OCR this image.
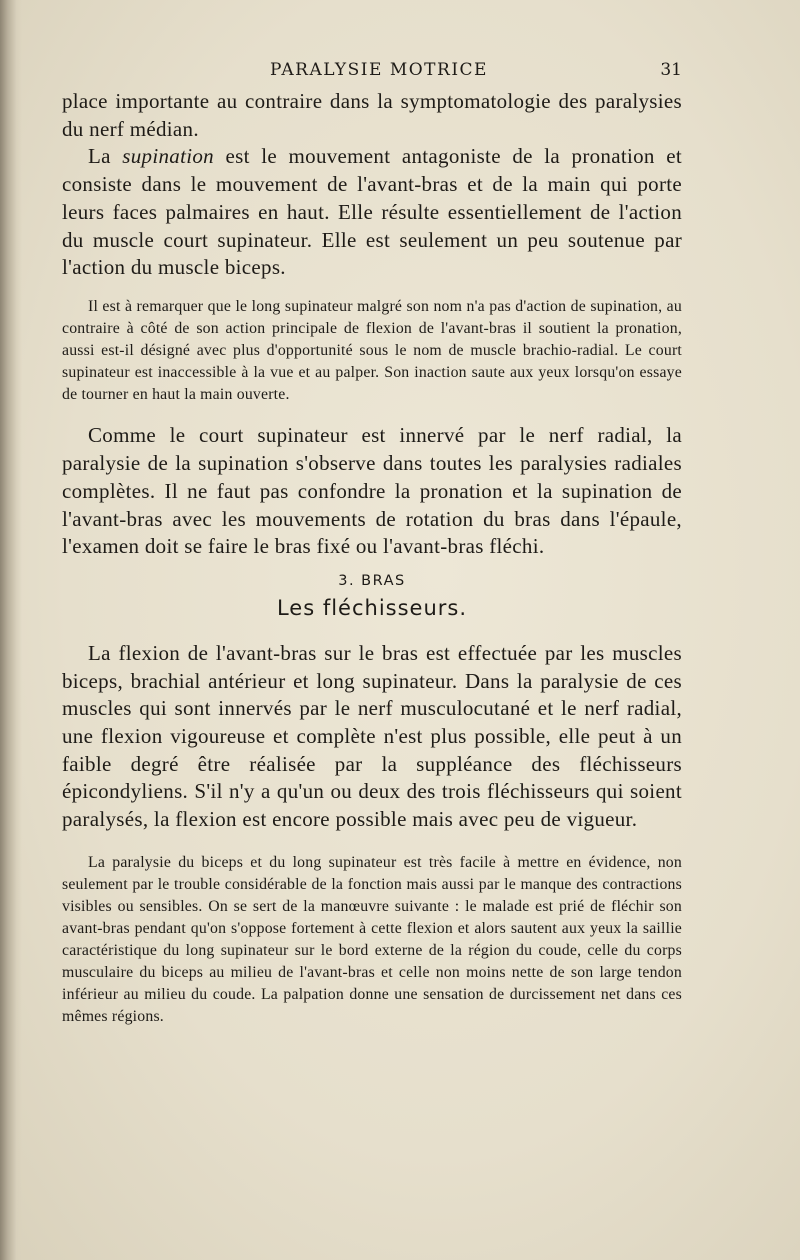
PARALYSIE MOTRICE	31

place importante au contraire dans la symptomatologie des paralysies du nerf médian.

La supination est le mouvement antagoniste de la pronation et consiste dans le mouvement de l'avant-bras et de la main qui porte leurs faces palmaires en haut. Elle résulte essentiellement de l'action du muscle court supinateur. Elle est seulement un peu soutenue par l'action du muscle biceps.

Il est à remarquer que le long supinateur malgré son nom n'a pas d'action de supination, au contraire à côté de son action principale de flexion de l'avant-bras il soutient la pronation, aussi est-il désigné avec plus d'opportunité sous le nom de muscle brachio-radial. Le court supinateur est inaccessible à la vue et au palper. Son inaction saute aux yeux lorsqu'on essaye de tourner en haut la main ouverte.

Comme le court supinateur est innervé par le nerf radial, la paralysie de la supination s'observe dans toutes les paralysies radiales complètes. Il ne faut pas confondre la pronation et la supination de l'avant-bras avec les mouvements de rotation du bras dans l'épaule, l'examen doit se faire le bras fixé ou l'avant-bras fléchi.

3. BRAS
Les fléchisseurs.

La flexion de l'avant-bras sur le bras est effectuée par les muscles biceps, brachial antérieur et long supinateur. Dans la paralysie de ces muscles qui sont innervés par le nerf musculocutané et le nerf radial, une flexion vigoureuse et complète n'est plus possible, elle peut à un faible degré être réalisée par la suppléance des fléchisseurs épicondyliens. S'il n'y a qu'un ou deux des trois fléchisseurs qui soient paralysés, la flexion est encore possible mais avec peu de vigueur.

La paralysie du biceps et du long supinateur est très facile à mettre en évidence, non seulement par le trouble considérable de la fonction mais aussi par le manque des contractions visibles ou sensibles. On se sert de la manœuvre suivante : le malade est prié de fléchir son avant-bras pendant qu'on s'oppose fortement à cette flexion et alors sautent aux yeux la saillie caractéristique du long supinateur sur le bord externe de la région du coude, celle du corps musculaire du biceps au milieu de l'avant-bras et celle non moins nette de son large tendon inférieur au milieu du coude. La palpation donne une sensation de durcissement net dans ces mêmes régions.
